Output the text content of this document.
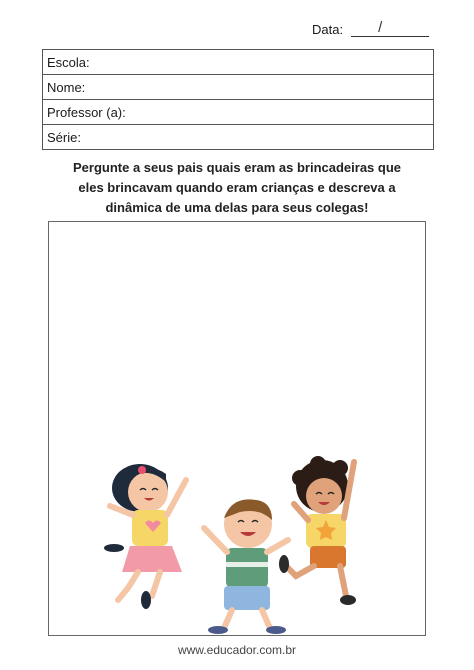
Data: /
Escola:
Nome:
Professor (a):
Série:
Pergunte a seus pais quais eram as brincadeiras que
eles brincavam quando eram crianças e descreva a
dinâmica de uma delas para seus colegas!
www.educador.com.br
